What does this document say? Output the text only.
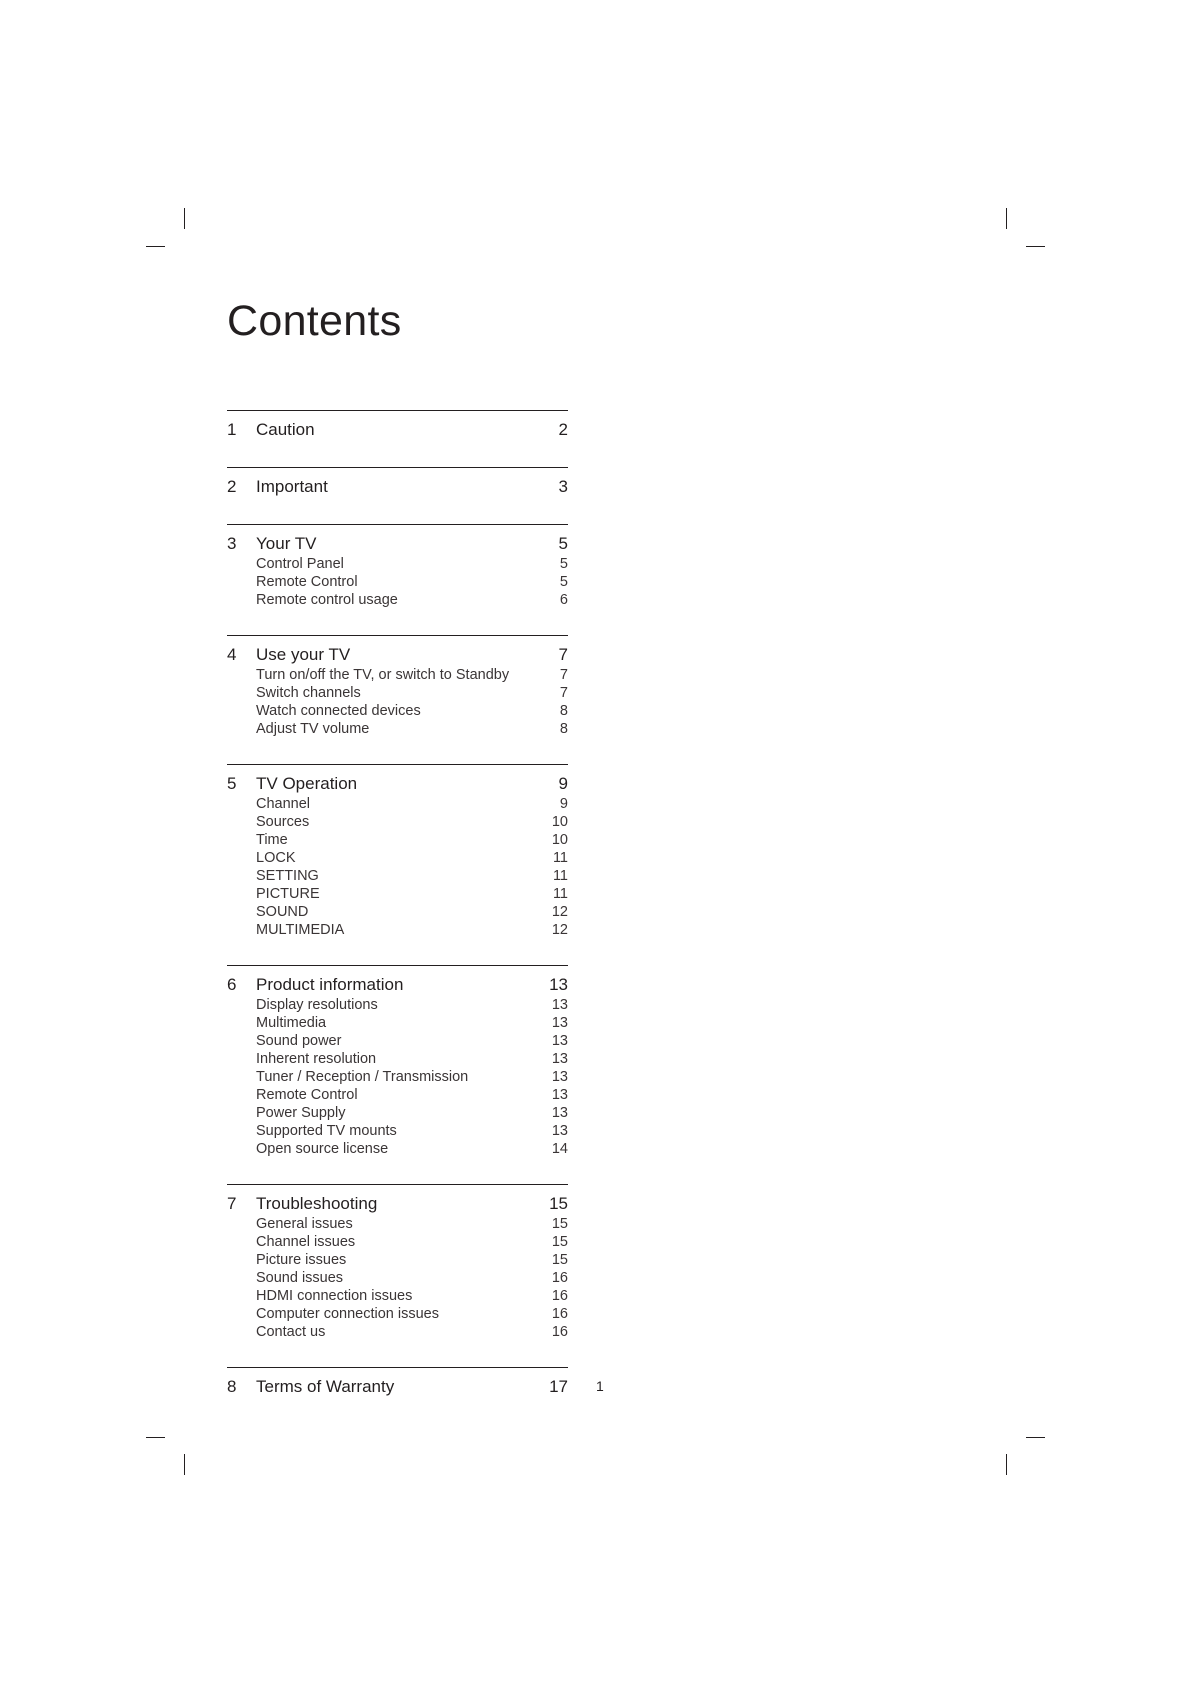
Contents
1	Caution	2
2	Important	3
3	Your TV	5
Control Panel	5
Remote Control	5
Remote control usage	6
4	Use your TV	7
Turn on/off the TV, or switch to Standby	7
Switch channels	7
Watch connected devices	8
Adjust TV volume	8
5	TV Operation	9
Channel	9
Sources	10
Time	10
LOCK	11
SETTING	11
PICTURE	11
SOUND	12
MULTIMEDIA	12
6	Product information	13
Display resolutions	13
Multimedia	13
Sound power	13
Inherent resolution	13
Tuner / Reception / Transmission	13
Remote Control	13
Power Supply	13
Supported TV mounts	13
Open source license	14
7	Troubleshooting	15
General issues	15
Channel issues	15
Picture issues	15
Sound issues	16
HDMI connection issues	16
Computer connection issues	16
Contact us	16
8	Terms of Warranty	17 1
